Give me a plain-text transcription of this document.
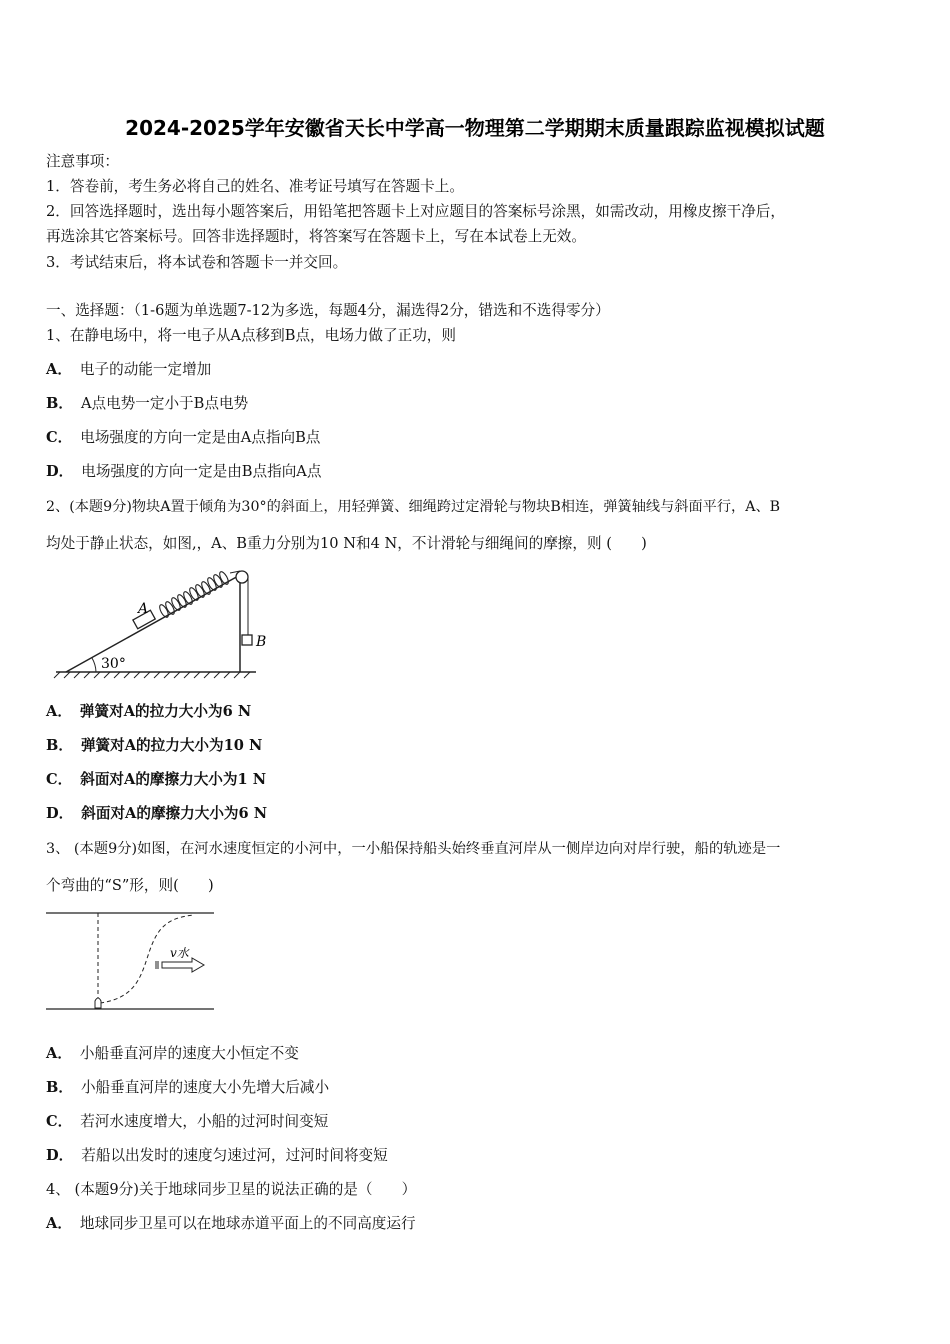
2024-2025学年安徽省天长中学高一物理第二学期期末质量跟踪监视模拟试题
注意事项：
1．答卷前，考生务必将自己的姓名、准考证号填写在答题卡上。
2．回答选择题时，选出每小题答案后，用铅笔把答题卡上对应题目的答案标号涂黑，如需改动，用橡皮擦干净后，
再选涂其它答案标号。回答非选择题时，将答案写在答题卡上，写在本试卷上无效。
3．考试结束后，将本试卷和答题卡一并交回。
一、选择题：（1-6题为单选题7-12为多选，每题4分，漏选得2分，错选和不选得零分）
1、在静电场中，将一电子从A点移到B点，电场力做了正功，则
A． 电子的动能一定增加
B． A点电势一定小于B点电势
C． 电场强度的方向一定是由A点指向B点
D． 电场强度的方向一定是由B点指向A点
2、(本题9分)物块A置于倾角为30°的斜面上，用轻弹簧、细绳跨过定滑轮与物块B相连，弹簧轴线与斜面平行，A、B
均处于静止状态，如图,，A、B重力分别为10 N和4 N，不计滑轮与细绳间的摩擦，则 (　　)
30°
A
B
A． 弹簧对A的拉力大小为6 N
B． 弹簧对A的拉力大小为10 N
C． 斜面对A的摩擦力大小为1 N
D． 斜面对A的摩擦力大小为6 N
3、 (本题9分)如图，在河水速度恒定的小河中，一小船保持船头始终垂直河岸从一侧岸边向对岸行驶，船的轨迹是一
个弯曲的“S”形，则(　　)
v水
A． 小船垂直河岸的速度大小恒定不变
B． 小船垂直河岸的速度大小先增大后减小
C． 若河水速度增大，小船的过河时间变短
D． 若船以出发时的速度匀速过河，过河时间将变短
4、 (本题9分)关于地球同步卫星的说法正确的是（　　）
A． 地球同步卫星可以在地球赤道平面上的不同高度运行
